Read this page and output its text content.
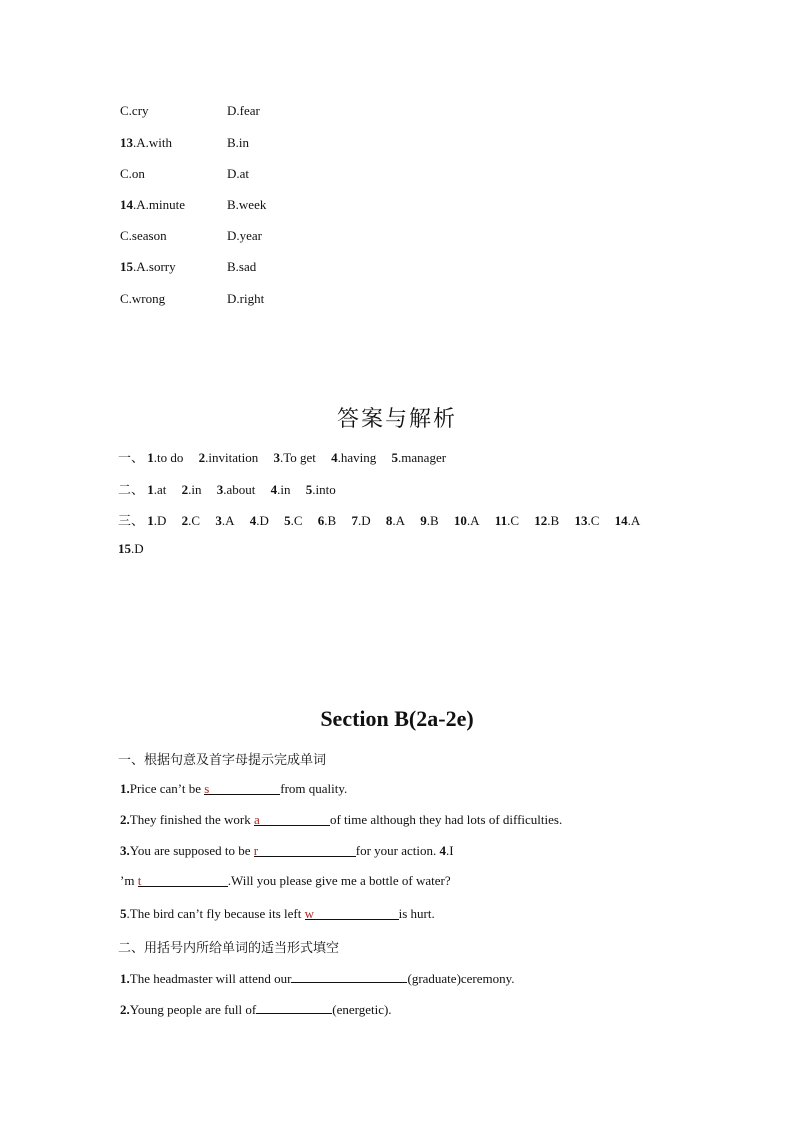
C.cry	D.fear
13.A.with	B.in
C.on	D.at
14.A.minute	B.week
C.season	D.year
15.A.sorry	B.sad
C.wrong	D.right
答案与解析
一、 1.to do 2.invitation 3.To get 4.having 5.manager
二、 1.at 2.in 3.about 4.in 5.into
三、 1.D 2.C 3.A 4.D 5.C 6.B 7.D 8.A 9.B 10.A 11.C 12.B 13.C 14.A
15.D
Section B(2a-2e)
一、根据句意及首字母提示完成单词
1.Price can’t be s	from quality.
2.They finished the work a	of time although they had lots of difficulties.
3.You are supposed to be r	for your action. 4.I
’m t	.Will you please give me a bottle of water?
5.The bird can’t fly because its left w	is hurt.
二、用括号内所给单词的适当形式填空
1.The headmaster will attend our	(graduate)ceremony.
2.Young people are full of	(energetic).
